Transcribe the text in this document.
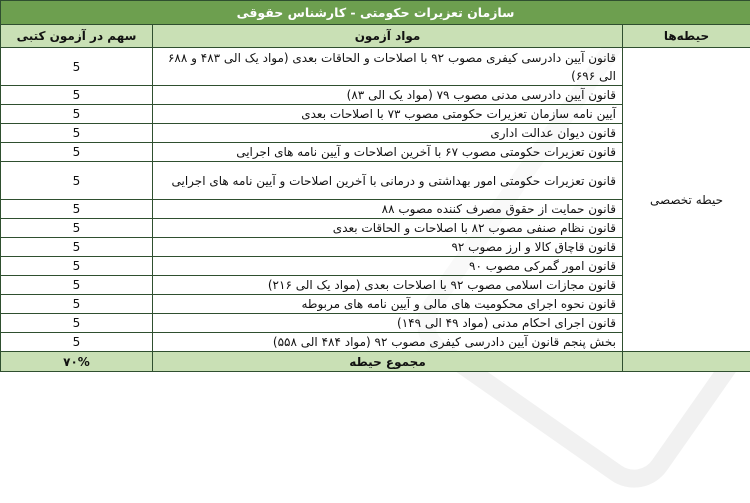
سازمان تعزیرات حکومتی - کارشناس حقوقی		
حیطه‌ها	مواد آزمون	سهم در آزمون کتبی
حیطه تخصصی	قانون آیین دادرسی کیفری مصوب ۹۲ با اصلاحات و الحاقات بعدی (مواد یک الی ۴۸۳ و ۶۸۸ الی ۶۹۶)	5
	قانون آیین دادرسی مدنی مصوب ۷۹ (مواد یک الی ۸۳)	5
	آیین نامه سازمان تعزیرات حکومتی مصوب ۷۳ با اصلاحات بعدی	5
	قانون دیوان عدالت اداری	5
	قانون تعزیرات حکومتی مصوب ۶۷ با آخرین اصلاحات و آیین نامه های اجرایی	5
	قانون تعزیرات حکومتی امور بهداشتی و درمانی با آخرین اصلاحات و آیین نامه های اجرایی	5
	قانون حمایت از حقوق مصرف کننده مصوب ۸۸	5
	قانون نظام صنفی مصوب ۸۲ با اصلاحات و الحاقات بعدی	5
	قانون قاچاق کالا و ارز مصوب ۹۲	5
	قانون امور گمرکی مصوب ۹۰	5
	قانون مجازات اسلامی مصوب ۹۲ با اصلاحات بعدی (مواد یک الی ۲۱۶)	5
	قانون نحوه اجرای محکومیت های مالی و آیین نامه های مربوطه	5
	قانون اجرای احکام مدنی (مواد ۴۹ الی ۱۴۹)	5
	بخش پنجم قانون آیین دادرسی کیفری مصوب ۹۲ (مواد ۴۸۴ الی ۵۵۸)	5
	مجموع حیطه	۷۰%
